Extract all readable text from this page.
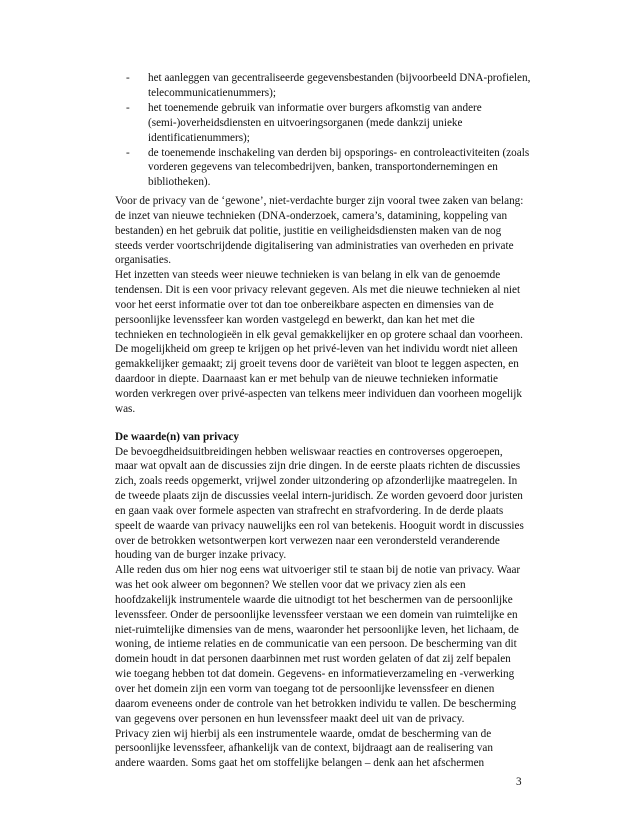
- het aanleggen van gecentraliseerde gegevensbestanden (bijvoorbeeld DNA-profielen, telecommunicatienummers);
- het toenemende gebruik van informatie over burgers afkomstig van andere (semi-)overheidsdiensten en uitvoeringsorganen (mede dankzij unieke identificatienummers);
- de toenemende inschakeling van derden bij opsporings- en controleactiviteiten (zoals vorderen gegevens van telecombedrijven, banken, transportondernemingen en bibliotheken).

Voor de privacy van de ‘gewone’, niet-verdachte burger zijn vooral twee zaken van belang: de inzet van nieuwe technieken (DNA-onderzoek, camera’s, datamining, koppeling van bestanden) en het gebruik dat politie, justitie en veiligheidsdiensten maken van de nog steeds verder voortschrijdende digitalisering van administraties van overheden en private organisaties.

Het inzetten van steeds weer nieuwe technieken is van belang in elk van de genoemde tendensen. Dit is een voor privacy relevant gegeven. Als met die nieuwe technieken al niet voor het eerst informatie over tot dan toe onbereikbare aspecten en dimensies van de persoonlijke levenssfeer kan worden vastgelegd en bewerkt, dan kan het met die technieken en technologieën in elk geval gemakkelijker en op grotere schaal dan voorheen. De mogelijkheid om greep te krijgen op het privé-leven van het individu wordt niet alleen gemakkelijker gemaakt; zij groeit tevens door de variëteit van bloot te leggen aspecten, en daardoor in diepte. Daarnaast kan er met behulp van de nieuwe technieken informatie worden verkregen over privé-aspecten van telkens meer individuen dan voorheen mogelijk was.

De waarde(n) van privacy

De bevoegdheidsuitbreidingen hebben weliswaar reacties en controverses opgeroepen, maar wat opvalt aan de discussies zijn drie dingen. In de eerste plaats richten de discussies zich, zoals reeds opgemerkt, vrijwel zonder uitzondering op afzonderlijke maatregelen. In de tweede plaats zijn de discussies veelal intern-juridisch. Ze worden gevoerd door juristen en gaan vaak over formele aspecten van strafrecht en strafvordering. In de derde plaats speelt de waarde van privacy nauwelijks een rol van betekenis. Hooguit wordt in discussies over de betrokken wetsontwerpen kort verwezen naar een verondersteld veranderende houding van de burger inzake privacy.

Alle reden dus om hier nog eens wat uitvoeriger stil te staan bij de notie van privacy. Waar was het ook alweer om begonnen? We stellen voor dat we privacy zien als een hoofdzakelijk instrumentele waarde die uitnodigt tot het beschermen van de persoonlijke levenssfeer. Onder de persoonlijke levenssfeer verstaan we een domein van ruimtelijke en niet-ruimtelijke dimensies van de mens, waaronder het persoonlijke leven, het lichaam, de woning, de intieme relaties en de communicatie van een persoon. De bescherming van dit domein houdt in dat personen daarbinnen met rust worden gelaten of dat zij zelf bepalen wie toegang hebben tot dat domein. Gegevens- en informatieverzameling en -verwerking over het domein zijn een vorm van toegang tot de persoonlijke levenssfeer en dienen daarom eveneens onder de controle van het betrokken individu te vallen. De bescherming van gegevens over personen en hun levenssfeer maakt deel uit van de privacy.

Privacy zien wij hierbij als een instrumentele waarde, omdat de bescherming van de persoonlijke levenssfeer, afhankelijk van de context, bijdraagt aan de realisering van andere waarden. Soms gaat het om stoffelijke belangen – denk aan het afschermen

3
